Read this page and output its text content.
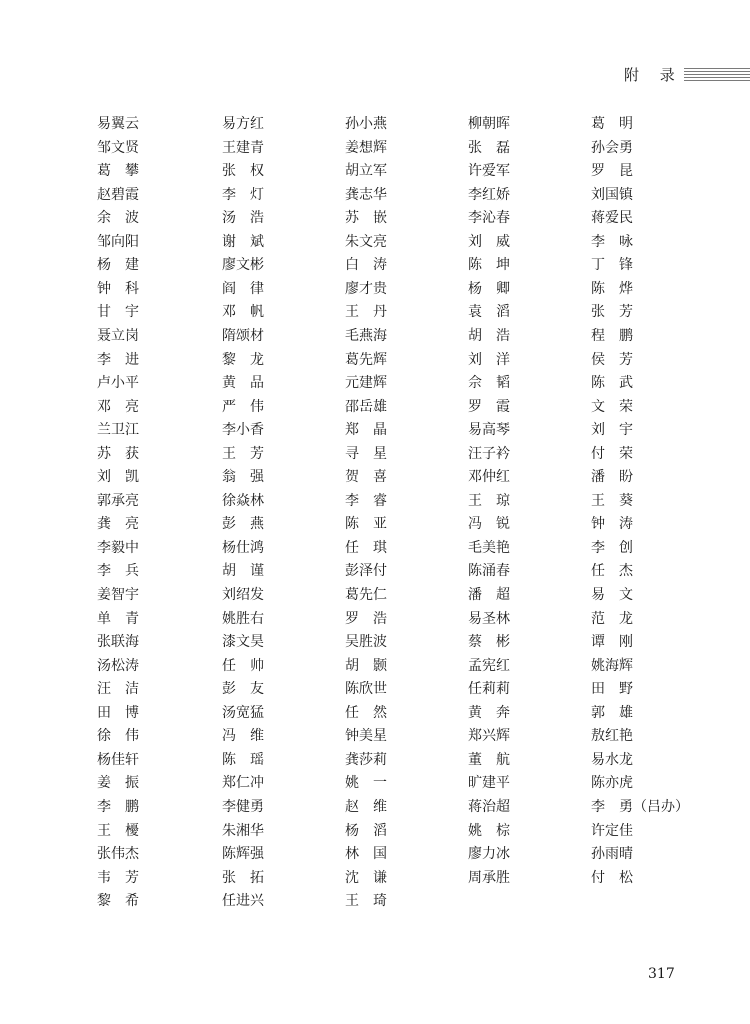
附 录
易翼云
邹文贤
葛　攀
赵碧霞
余　波
邹向阳
杨　建
钟　科
甘　宇
聂立岗
李　进
卢小平
邓　亮
兰卫江
苏　获
刘　凯
郭承亮
龚　亮
李毅中
李　兵
姜智宇
单　青
张联海
汤松涛
汪　洁
田　博
徐　伟
杨佳轩
姜　振
李　鹏
王　櫌
张伟杰
韦　芳
黎　希
易方红
王建青
张　权
李　灯
汤　浩
谢　斌
廖文彬
阎　律
邓　帆
隋颂材
黎　龙
黄　品
严　伟
李小香
王　芳
翁　强
徐焱林
彭　燕
杨仕鸿
胡　谨
刘绍发
姚胜右
漆文昊
任　帅
彭　友
汤宽猛
冯　维
陈　瑶
郑仁冲
李健勇
朱湘华
陈辉强
张　拓
任进兴
孙小燕
姜想辉
胡立军
龚志华
苏　嵌
朱文亮
白　涛
廖才贵
王　丹
毛燕海
葛先辉
元建辉
邵岳雄
郑　晶
寻　星
贺　喜
李　睿
陈　亚
任　琪
彭泽付
葛先仁
罗　浩
吴胜波
胡　颢
陈欣世
任　然
钟美星
龚莎莉
姚　一
赵　维
杨　滔
林　国
沈　谦
王　琦
柳朝晖
张　磊
许爱军
李红娇
李沁春
刘　威
陈　坤
杨　卿
袁　滔
胡　浩
刘　洋
佘　韬
罗　霞
易高琴
汪子衿
邓仲红
王　琼
冯　锐
毛美艳
陈涌春
潘　超
易圣林
蔡　彬
孟宪红
任莉莉
黄　奔
郑兴辉
董　航
旷建平
蒋治超
姚　棕
廖力冰
周承胜
葛　明
孙会勇
罗　昆
刘国镇
蒋爱民
李　咏
丁　锋
陈　烨
张　芳
程　鹏
侯　芳
陈　武
文　荣
刘　宇
付　荣
潘　盼
王　葵
钟　涛
李　创
任　杰
易　文
范　龙
谭　刚
姚海辉
田　野
郭　雄
敖红艳
易水龙
陈亦虎
李　勇（吕办）
许定佳
孙雨晴
付　松
317
